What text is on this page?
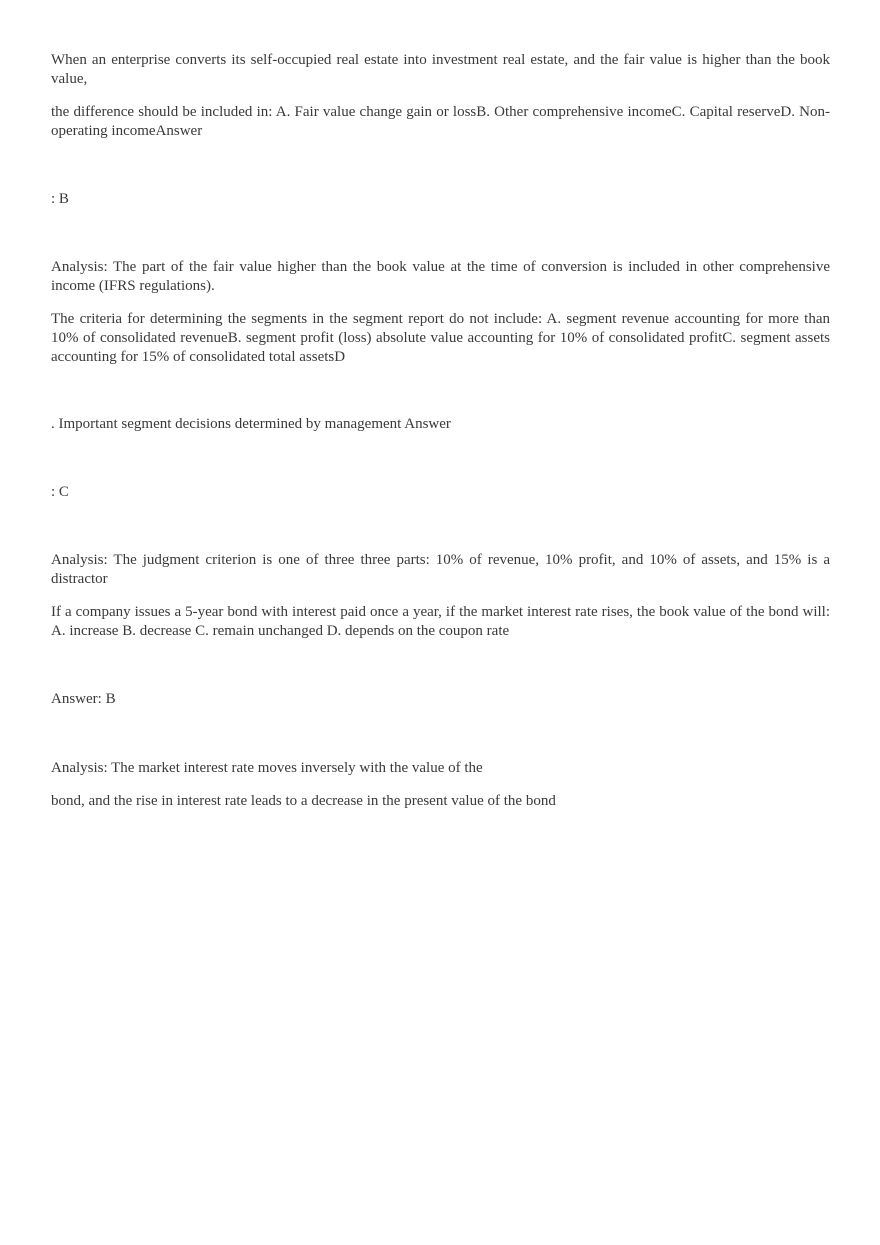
When an enterprise converts its self-occupied real estate into investment real estate, and the fair value is higher than the book value,

the difference should be included in: A. Fair value change gain or lossB. Other comprehensive incomeC. Capital reserveD. Non-operating incomeAnswer

: B

Analysis: The part of the fair value higher than the book value at the time of conversion is included in other comprehensive income (IFRS regulations).

The criteria for determining the segments in the segment report do not include: A. segment revenue accounting for more than 10% of consolidated revenueB. segment profit (loss) absolute value accounting for 10% of consolidated profitC. segment assets accounting for 15% of consolidated total assetsD

. Important segment decisions determined by management Answer

: C

Analysis: The judgment criterion is one of three three parts: 10% of revenue, 10% profit, and 10% of assets, and 15% is a distractor

If a company issues a 5-year bond with interest paid once a year, if the market interest rate rises, the book value of the bond will: A. increase B. decrease C. remain unchanged D. depends on the coupon rate

Answer: B

Analysis: The market interest rate moves inversely with the value of the

bond, and the rise in interest rate leads to a decrease in the present value of the bond
